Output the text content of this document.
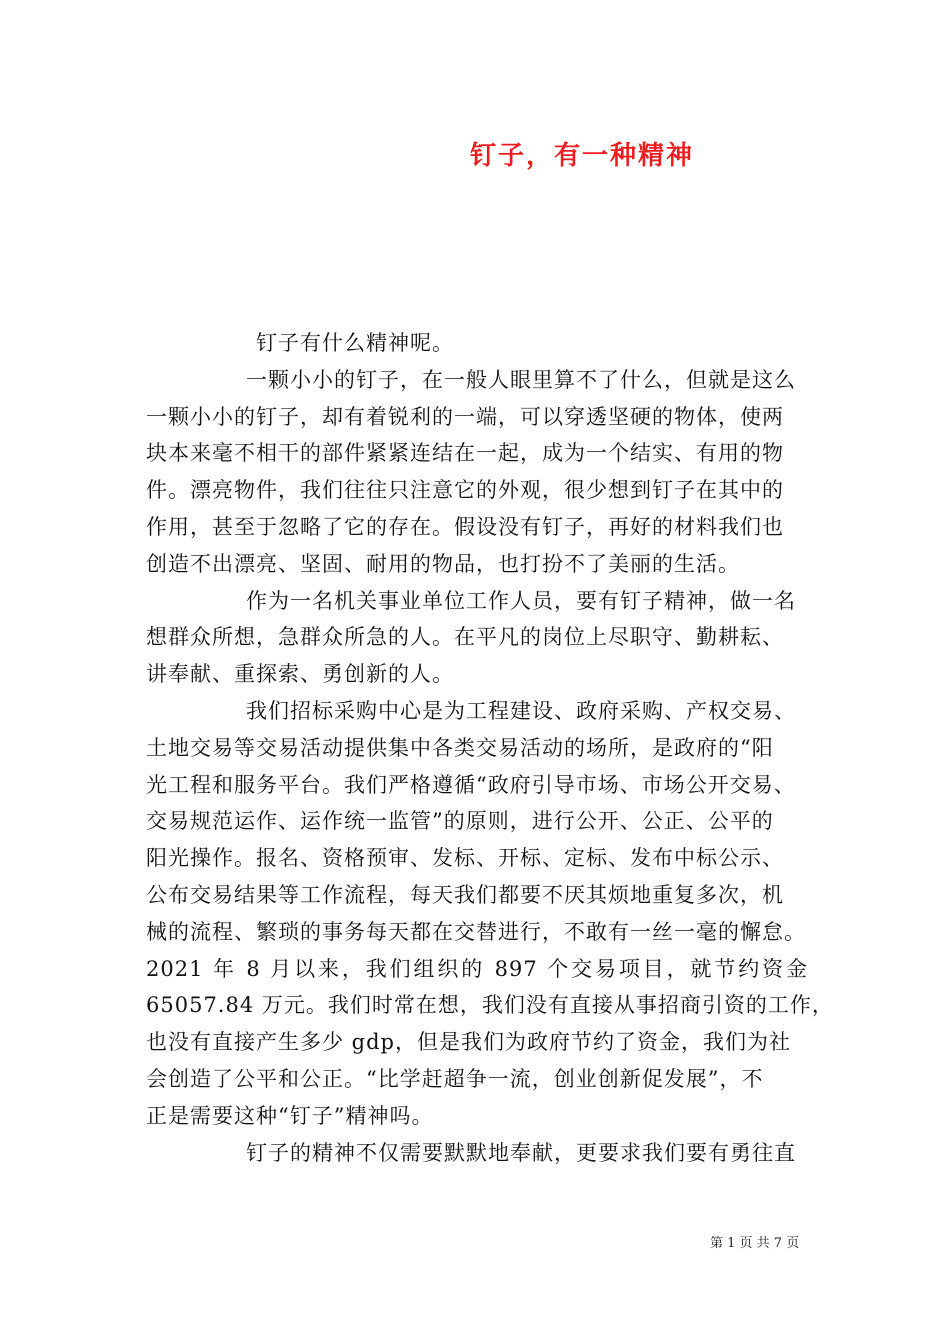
钉子，有一种精神
钉子有什么精神呢。
一颗小小的钉子，在一般人眼里算不了什么，但就是这么
一颗小小的钉子，却有着锐利的一端，可以穿透坚硬的物体，使两
块本来毫不相干的部件紧紧连结在一起，成为一个结实、有用的物
件。漂亮物件，我们往往只注意它的外观，很少想到钉子在其中的
作用，甚至于忽略了它的存在。假设没有钉子，再好的材料我们也
创造不出漂亮、坚固、耐用的物品，也打扮不了美丽的生活。
作为一名机关事业单位工作人员，要有钉子精神，做一名
想群众所想，急群众所急的人。在平凡的岗位上尽职守、勤耕耘、
讲奉献、重探索、勇创新的人。
我们招标采购中心是为工程建设、政府采购、产权交易、
土地交易等交易活动提供集中各类交易活动的场所，是政府的“阳
光工程和服务平台。我们严格遵循“政府引导市场、市场公开交易、
交易规范运作、运作统一监管”的原则，进行公开、公正、公平的
阳光操作。报名、资格预审、发标、开标、定标、发布中标公示、
公布交易结果等工作流程，每天我们都要不厌其烦地重复多次，机
械的流程、繁琐的事务每天都在交替进行，不敢有一丝一毫的懈怠。
2021 年 8 月以来，我们组织的 897 个交易项目，就节约资金
65057.84 万元。我们时常在想，我们没有直接从事招商引资的工作，
也没有直接产生多少 gdp，但是我们为政府节约了资金，我们为社
会创造了公平和公正。“比学赶超争一流，创业创新促发展”，不
正是需要这种“钉子”精神吗。
钉子的精神不仅需要默默地奉献，更要求我们要有勇往直
第 1 页 共 7 页
